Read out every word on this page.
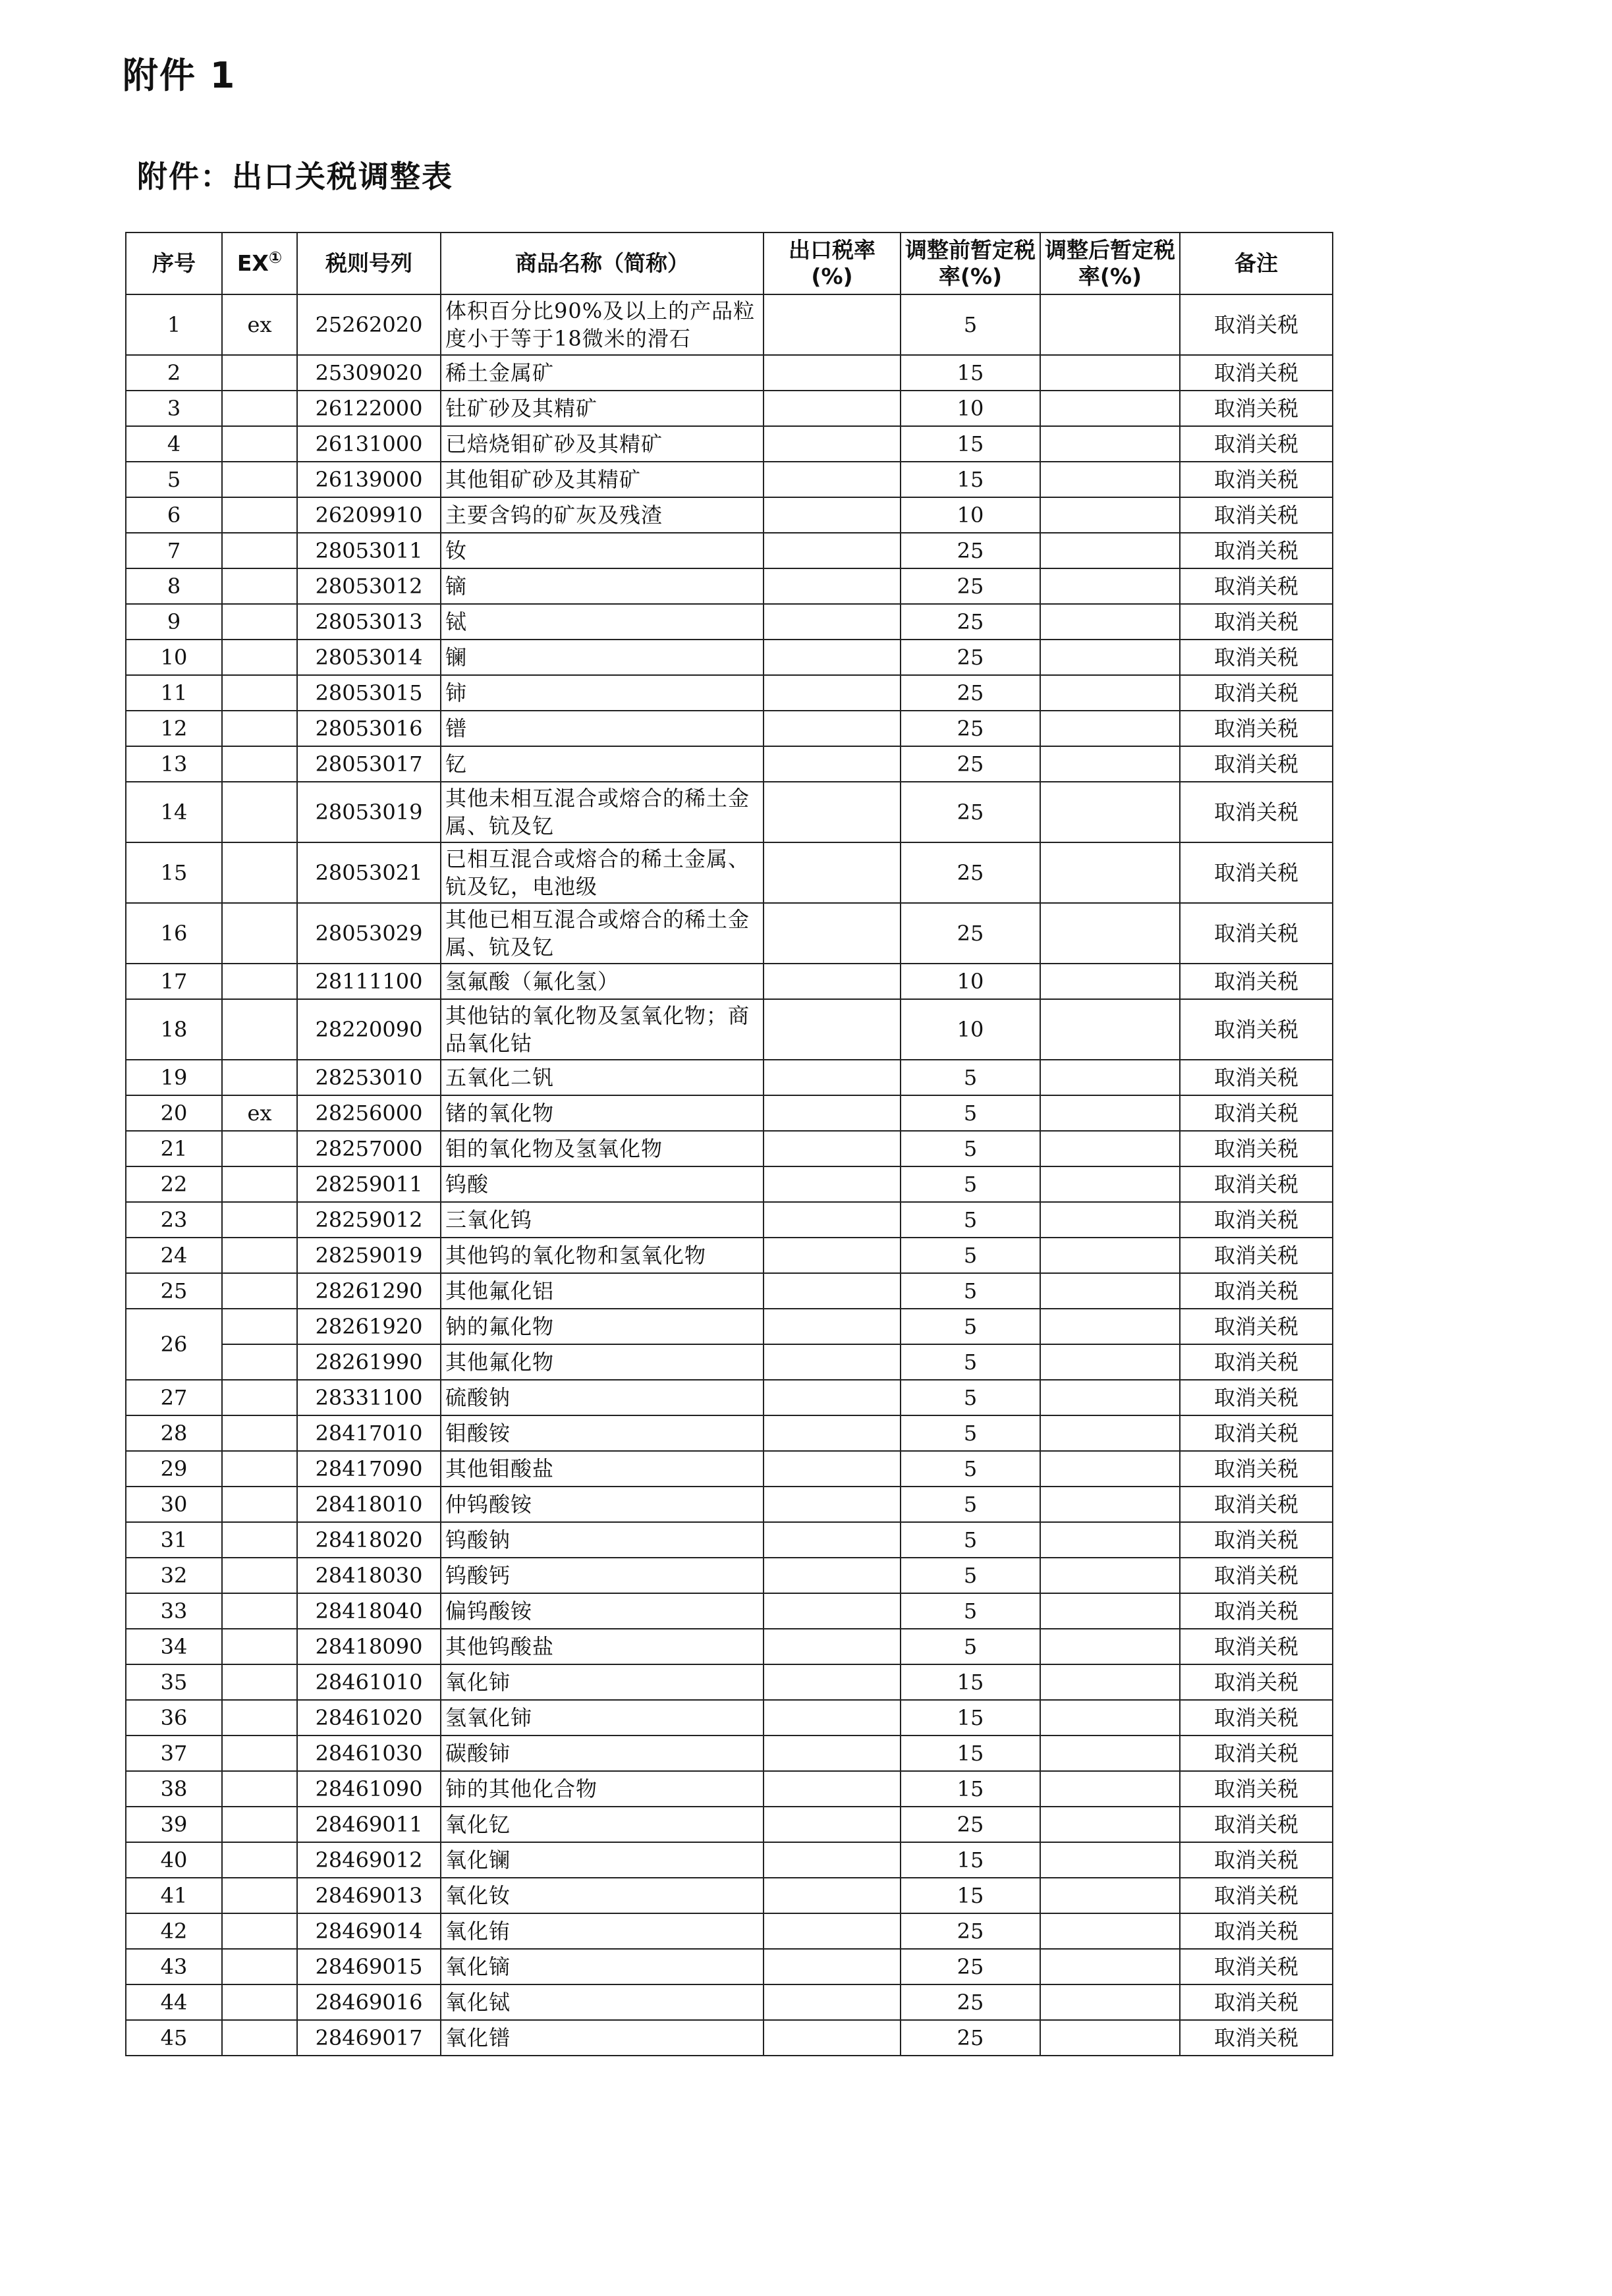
附件 1
附件：出口关税调整表
序号	EX①	税则号列	商品名称（简称）	出口税率(%)	调整前暂定税率(%)	调整后暂定税率(%)	备注
1	ex	25262020	体积百分比90%及以上的产品粒度小于等于18微米的滑石		5		取消关税
2		25309020	稀土金属矿		15		取消关税
3		26122000	钍矿砂及其精矿		10		取消关税
4		26131000	已焙烧钼矿砂及其精矿		15		取消关税
5		26139000	其他钼矿砂及其精矿		15		取消关税
6		26209910	主要含钨的矿灰及残渣		10		取消关税
7		28053011	钕		25		取消关税
8		28053012	镝		25		取消关税
9		28053013	铽		25		取消关税
10		28053014	镧		25		取消关税
11		28053015	铈		25		取消关税
12		28053016	镨		25		取消关税
13		28053017	钇		25		取消关税
14		28053019	其他未相互混合或熔合的稀土金属、钪及钇		25		取消关税
15		28053021	已相互混合或熔合的稀土金属、钪及钇，电池级		25		取消关税
16		28053029	其他已相互混合或熔合的稀土金属、钪及钇		25		取消关税
17		28111100	氢氟酸（氟化氢）		10		取消关税
18		28220090	其他钴的氧化物及氢氧化物；商品氧化钴		10		取消关税
19		28253010	五氧化二钒		5		取消关税
20	ex	28256000	锗的氧化物		5		取消关税
21		28257000	钼的氧化物及氢氧化物		5		取消关税
22		28259011	钨酸		5		取消关税
23		28259012	三氧化钨		5		取消关税
24		28259019	其他钨的氧化物和氢氧化物		5		取消关税
25		28261290	其他氟化铝		5		取消关税
26		28261920	钠的氟化物		5		取消关税
		28261990	其他氟化物		5		取消关税
27		28331100	硫酸钠		5		取消关税
28		28417010	钼酸铵		5		取消关税
29		28417090	其他钼酸盐		5		取消关税
30		28418010	仲钨酸铵		5		取消关税
31		28418020	钨酸钠		5		取消关税
32		28418030	钨酸钙		5		取消关税
33		28418040	偏钨酸铵		5		取消关税
34		28418090	其他钨酸盐		5		取消关税
35		28461010	氧化铈		15		取消关税
36		28461020	氢氧化铈		15		取消关税
37		28461030	碳酸铈		15		取消关税
38		28461090	铈的其他化合物		15		取消关税
39		28469011	氧化钇		25		取消关税
40		28469012	氧化镧		15		取消关税
41		28469013	氧化钕		15		取消关税
42		28469014	氧化铕		25		取消关税
43		28469015	氧化镝		25		取消关税
44		28469016	氧化铽		25		取消关税
45		28469017	氧化镨		25		取消关税
